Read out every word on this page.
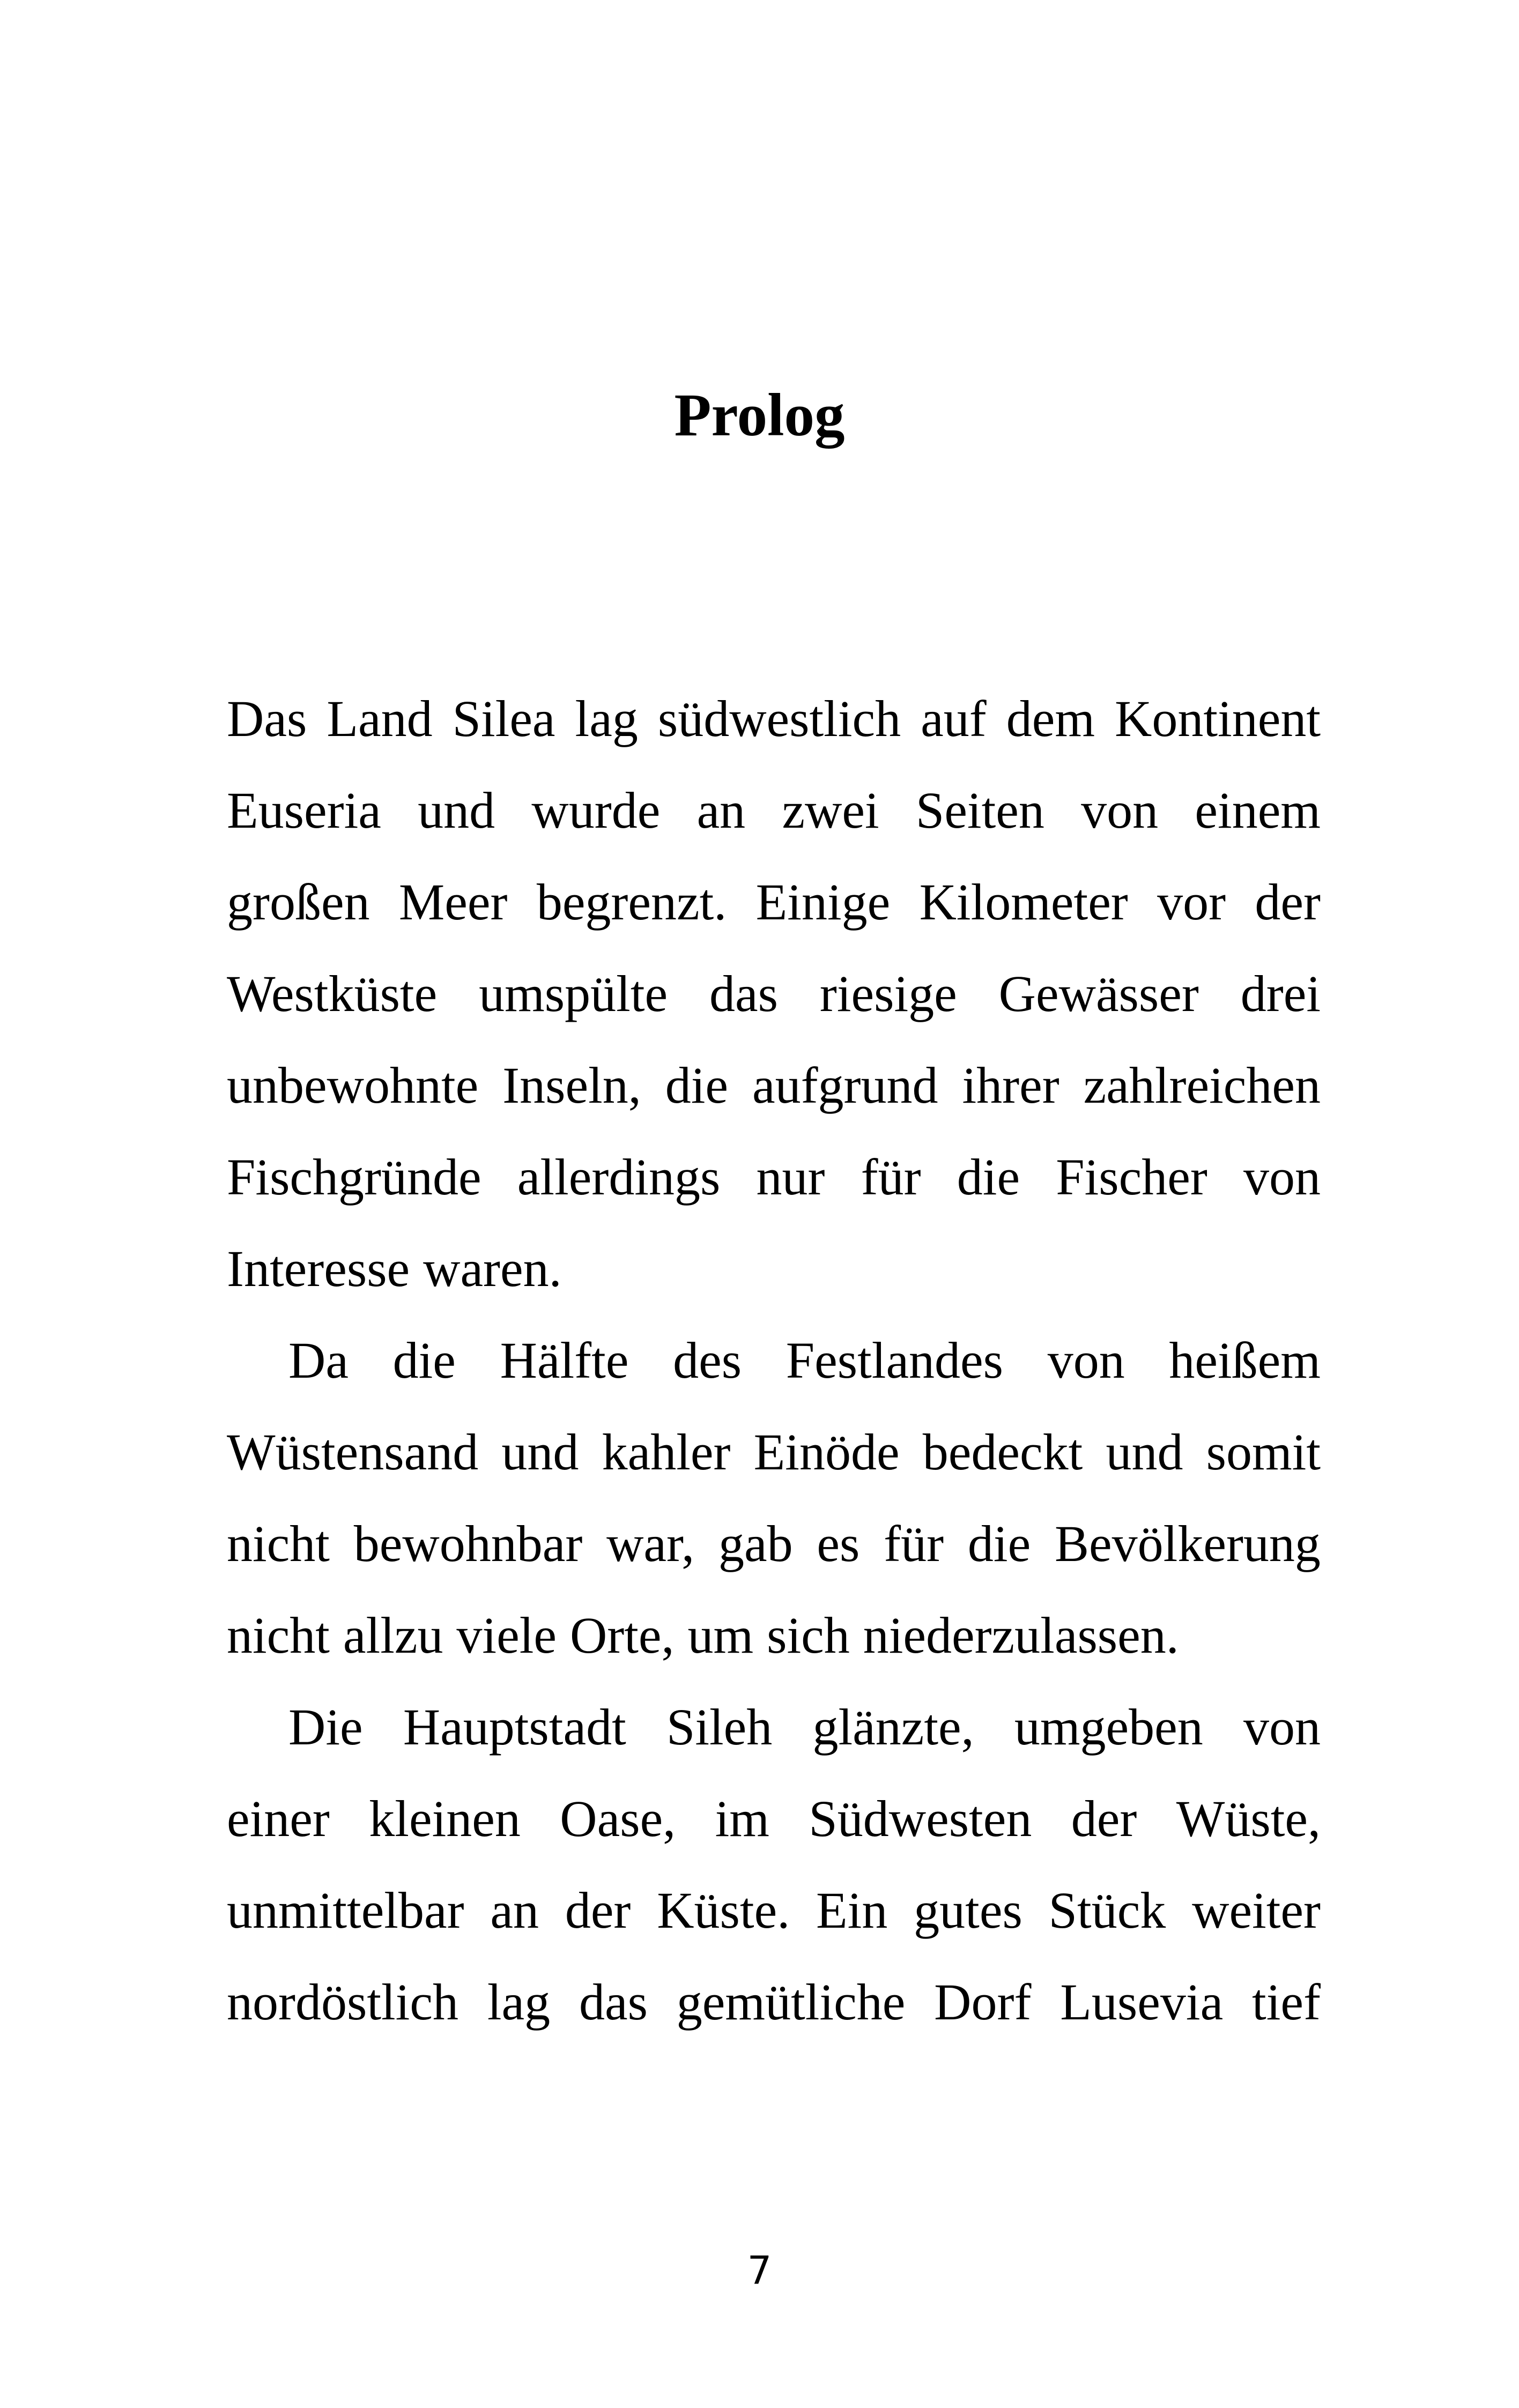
Prolog
Das Land Silea lag südwestlich auf dem Kontinent
Euseria und wurde an zwei Seiten von einem
großen Meer begrenzt. Einige Kilometer vor der
Westküste umspülte das riesige Gewässer drei
unbewohnte Inseln, die aufgrund ihrer zahlreichen
Fischgründe allerdings nur für die Fischer von
Interesse waren.
Da die Hälfte des Festlandes von heißem
Wüstensand und kahler Einöde bedeckt und somit
nicht bewohnbar war, gab es für die Bevölkerung
nicht allzu viele Orte, um sich niederzulassen.
Die Hauptstadt Sileh glänzte, umgeben von
einer kleinen Oase, im Südwesten der Wüste,
unmittelbar an der Küste. Ein gutes Stück weiter
nordöstlich lag das gemütliche Dorf Lusevia tief
7
